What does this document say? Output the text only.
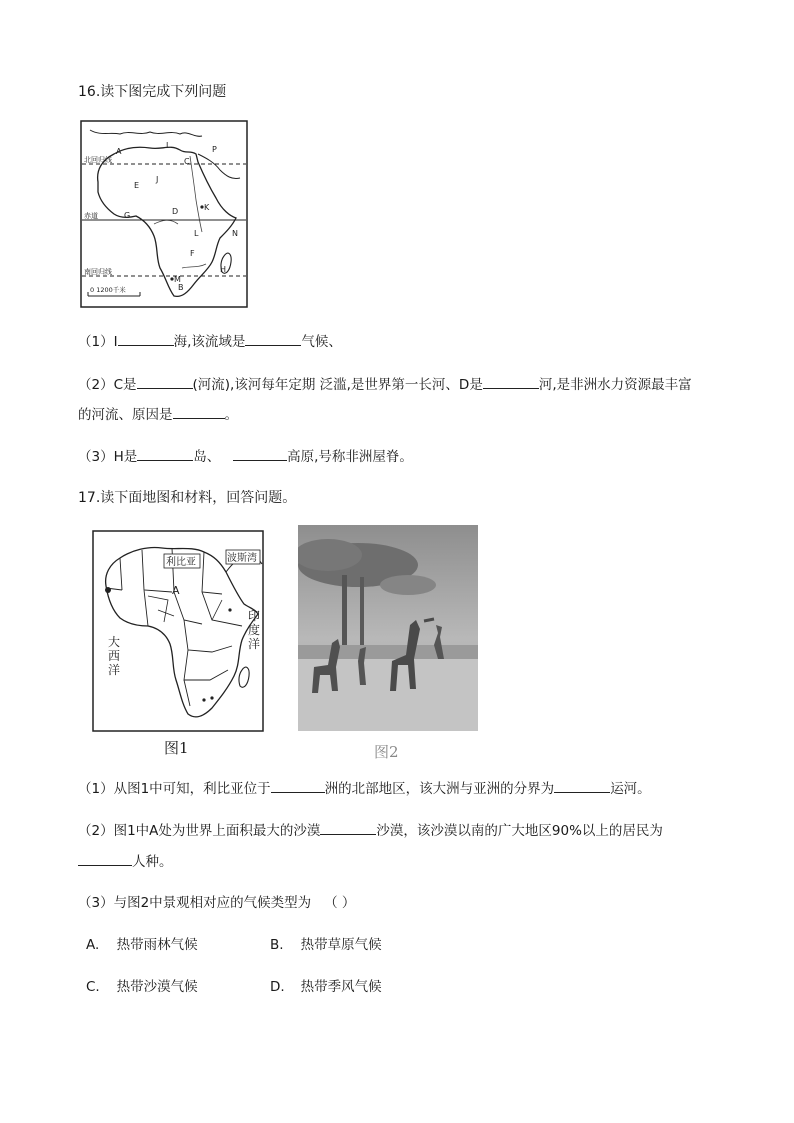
16.读下图完成下列问题
0 1200千米
北回归线
赤道
南回归线
A
I
C
P
E
J
K
G	D
L	N
F
H
M
B
（1）I	海,该流域是	气候、
（2）C是	(河流),该河每年定期 泛滥,是世界第一长河、D是	河,是非洲水力资源最丰富
的河流、原因是	。
（3）H是	岛、	高原,号称非洲屋脊。
17.读下面地图和材料，回答问题。
利比亚	波斯湾
A
大
西
洋
印
度
洋
图1	图2
（1）从图1中可知，利比亚位于	洲的北部地区，该大洲与亚洲的分界为	运河。
（2）图1中A处为世界上面积最大的沙漠	沙漠，该沙漠以南的广大地区90%以上的居民为
人种。
（3）与图2中景观相对应的气候类型为 （ ）
A. 热带雨林气候	B. 热带草原气候
C. 热带沙漠气候	D. 热带季风气候
